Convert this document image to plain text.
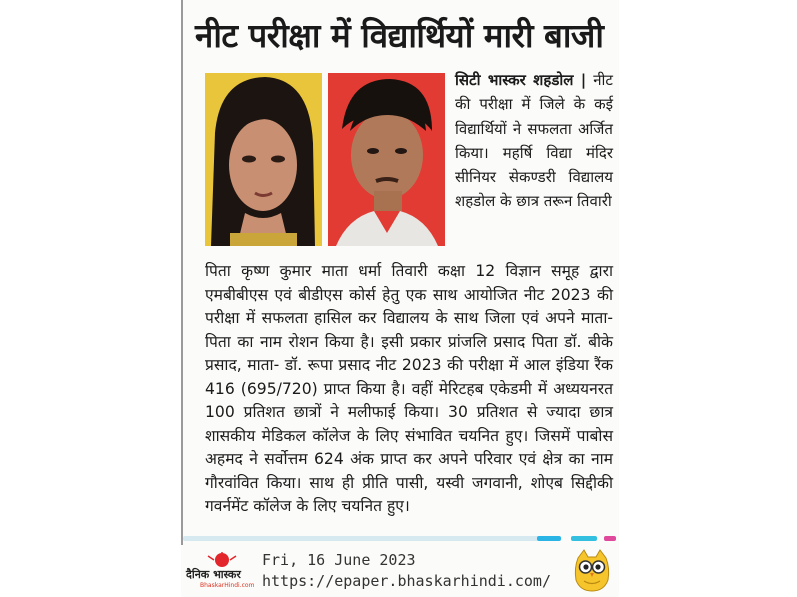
नीट परीक्षा में विद्यार्थियों मारी बाजी
सिटी भास्कर शहडोल | नीट की परीक्षा में जिले के कई विद्यार्थियों ने सफलता अर्जित किया। महर्षि विद्या मंदिर सीनियर सेकण्डरी विद्यालय शहडोल के छात्र तरून तिवारी
पिता कृष्ण कुमार माता धर्मा तिवारी कक्षा 12 विज्ञान समूह द्वारा एमबीबीएस एवं बीडीएस कोर्स हेतु एक साथ आयोजित नीट 2023 की परीक्षा में सफलता हासिल कर विद्यालय के साथ जिला एवं अपने माता-पिता का नाम रोशन किया है। इसी प्रकार प्रांजलि प्रसाद पिता डॉ. बीके प्रसाद, माता- डॉ. रूपा प्रसाद नीट 2023 की परीक्षा में आल इंडिया रैंक 416 (695/720) प्राप्त किया है। वहीं मेरिटहब एकेडमी में अध्ययनरत 100 प्रतिशत छात्रों ने मलीफाई किया। 30 प्रतिशत से ज्यादा छात्र शासकीय मेडिकल कॉलेज के लिए संभावित चयनित हुए। जिसमें पाबोस अहमद ने सर्वोत्तम 624 अंक प्राप्त कर अपने परिवार एवं क्षेत्र का नाम गौरवांवित किया। साथ ही प्रीति पासी, यस्वी जगवानी, शोएब सिद्दीकी गवर्नमेंट कॉलेज के लिए चयनित हुए।
दैनिक भास्कर
BhaskarHindi.com
Fri, 16 June 2023
https://epaper.bhaskarhindi.com/
